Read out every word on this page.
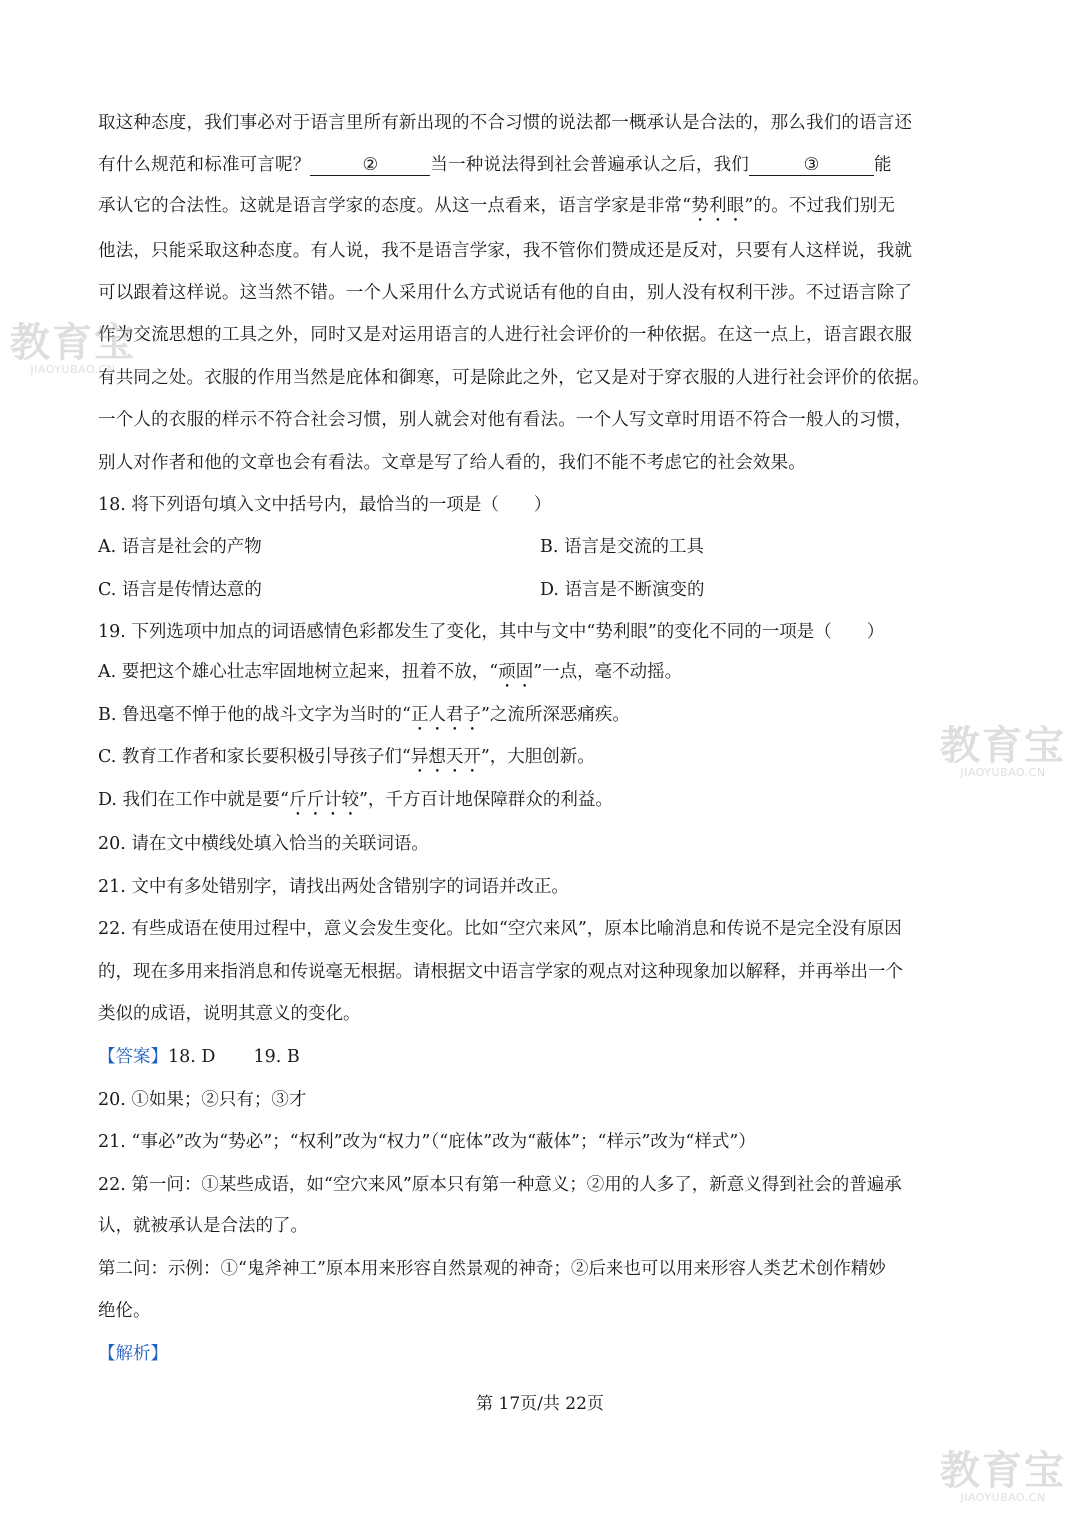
取这种态度，我们事必对于语言里所有新出现的不合习惯的说法都一概承认是合法的，那么我们的语言还
有什么规范和标准可言呢？	②	当一种说法得到社会普遍承认之后，我们	③	能
承认它的合法性。这就是语言学家的态度。从这一点看来，语言学家是非常“势利眼”的。不过我们别无
他法，只能采取这种态度。有人说，我不是语言学家，我不管你们赞成还是反对，只要有人这样说，我就
可以跟着这样说。这当然不错。一个人采用什么方式说话有他的自由，别人没有权利干涉。不过语言除了
作为交流思想的工具之外，同时又是对运用语言的人进行社会评价的一种依据。在这一点上，语言跟衣服
有共同之处。衣服的作用当然是庇体和御寒，可是除此之外，它又是对于穿衣服的人进行社会评价的依据。
一个人的衣服的样示不符合社会习惯，别人就会对他有看法。一个人写文章时用语不符合一般人的习惯，
别人对作者和他的文章也会有看法。文章是写了给人看的，我们不能不考虑它的社会效果。
18. 将下列语句填入文中括号内，最恰当的一项是（　　）
A. 语言是社会的产物	B. 语言是交流的工具
C. 语言是传情达意的	D. 语言是不断演变的
19. 下列选项中加点的词语感情色彩都发生了变化，其中与文中“势利眼”的变化不同的一项是（　　）
A. 要把这个雄心壮志牢固地树立起来，扭着不放，“顽固”一点，毫不动摇。
B. 鲁迅毫不惮于他的战斗文字为当时的“正人君子”之流所深恶痛疾。
C. 教育工作者和家长要积极引导孩子们“异想天开”，大胆创新。
D. 我们在工作中就是要“斤斤计较”，千方百计地保障群众的利益。
20. 请在文中横线处填入恰当的关联词语。
21. 文中有多处错别字，请找出两处含错别字的词语并改正。
22. 有些成语在使用过程中，意义会发生变化。比如“空穴来风”，原本比喻消息和传说不是完全没有原因
的，现在多用来指消息和传说毫无根据。请根据文中语言学家的观点对这种现象加以解释，并再举出一个
类似的成语，说明其意义的变化。
【答案】18. D 19. B
20. ①如果；②只有；③才
21. “事必”改为“势必”；“权利”改为“权力”（“庇体”改为“蔽体”；“样示”改为“样式”）
22. 第一问：①某些成语，如“空穴来风”原本只有第一种意义；②用的人多了，新意义得到社会的普遍承
认，就被承认是合法的了。
第二问：示例：①“鬼斧神工”原本用来形容自然景观的神奇；②后来也可以用来形容人类艺术创作精妙
绝伦。
【解析】
第 17页/共 22页
教育宝
JIAOYUBAO.CN
教育宝
JIAOYUBAO.CN
教育宝
JIAOYUBAO.CN
